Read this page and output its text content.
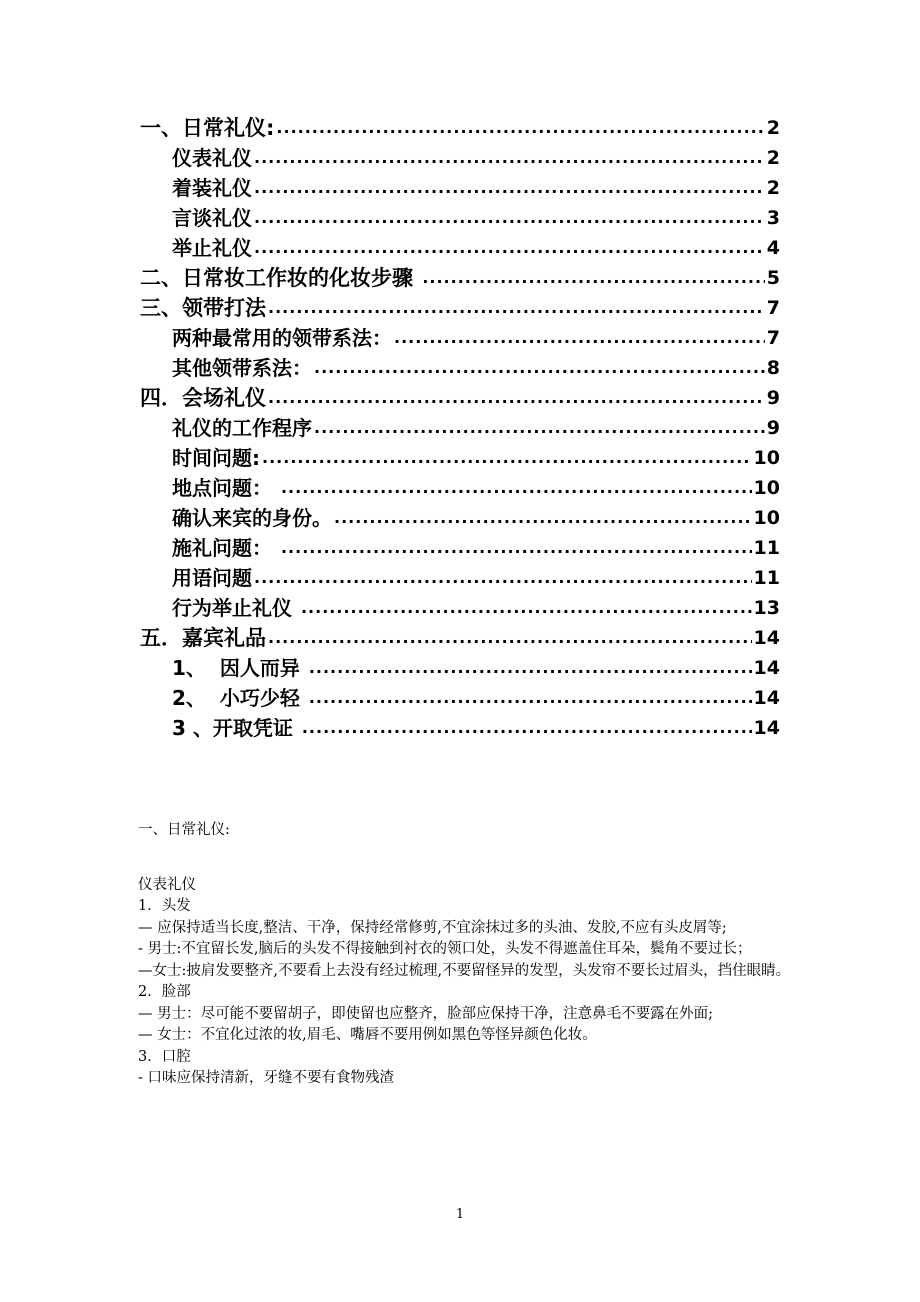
一、日常礼仪: .....	2
仪表礼仪 .....	2
着装礼仪 .....	2
言谈礼仪 .....	3
举止礼仪 .....	4
二、日常妆工作妆的化妆步骤 .....	5
三、领带打法 .....	7
两种最常用的领带系法： .....	7
其他领带系法： .....	8
四．会场礼仪 .....	9
礼仪的工作程序 .....	9
时间问题: .....	10
地点问题： .....	10
确认来宾的身份。 .....	10
施礼问题： .....	11
用语问题 .....	11
行为举止礼仪 .....	13
五．嘉宾礼品 .....	14
1、  因人而异 .....	14
2、  小巧少轻 .....	14
3 、开取凭证 .....	14

一、日常礼仪:

仪表礼仪

1．头发

— 应保持适当长度,整洁、干净，保持经常修剪,不宜涂抹过多的头油、发胶,不应有头皮屑等;

- 男士:不宜留长发,脑后的头发不得接触到衬衣的领口处，头发不得遮盖住耳朵，鬓角不要过长；

—女士:披肩发要整齐,不要看上去没有经过梳理,不要留怪异的发型，头发帘不要长过眉头，挡住眼睛。

2．脸部

— 男士：尽可能不要留胡子，即使留也应整齐，脸部应保持干净，注意鼻毛不要露在外面;

— 女士：不宜化过浓的妆,眉毛、嘴唇不要用例如黑色等怪异颜色化妆。

3．口腔

- 口味应保持清新，牙缝不要有食物残渣

1
